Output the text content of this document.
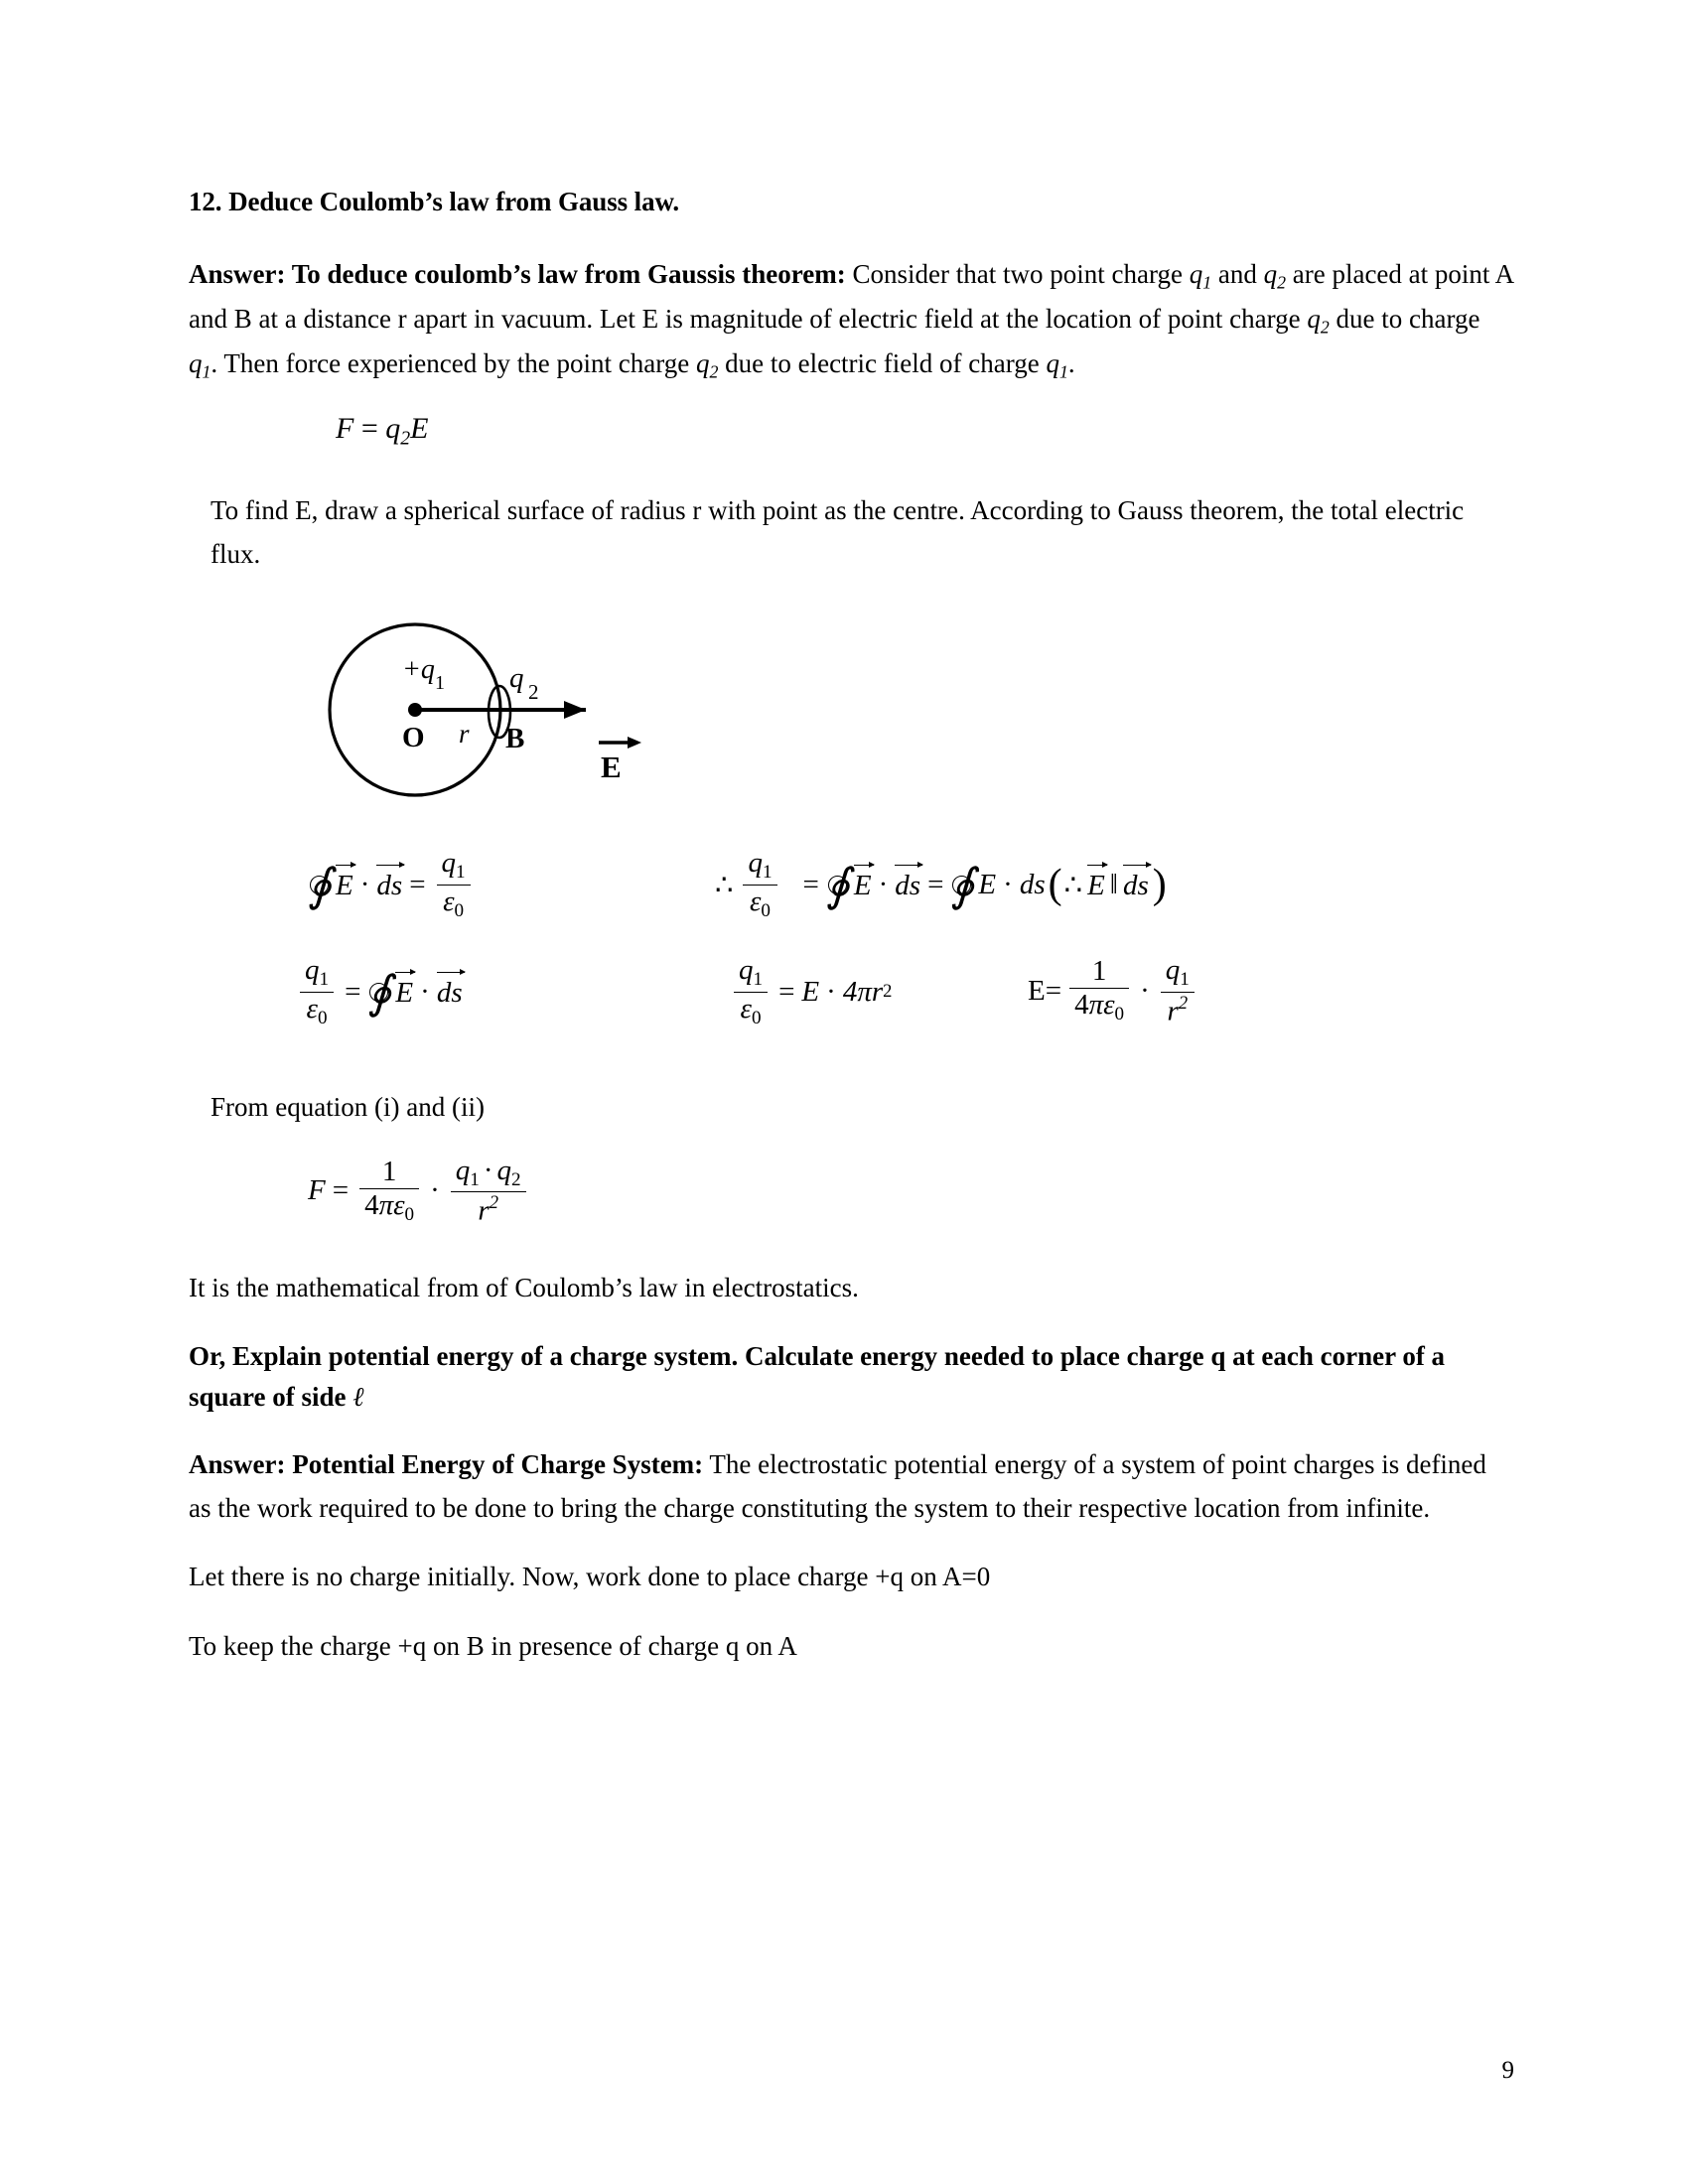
12. Deduce Coulomb’s law from Gauss law.
Answer: To deduce coulomb’s law from Gaussis theorem: Consider that two point charge $q_1$ and $q_2$ are placed at point A and B at a distance r apart in vacuum. Let E is magnitude of electric field at the location of point charge $q_2$ due to charge $q_1$. Then force experienced by the point charge $q_2$ due to electric field of charge $q_1$.
$F = q_2E$
To find E, draw a spherical surface of radius r with point as the centre. According to Gauss theorem, the total electric flux.
+q 1
O r
q 2
B
E
∮ E · ds = $\frac{q_1}{\varepsilon_0}$
$\frac{q_1}{\varepsilon_0}$ = ∮ E · ds
∴ $\frac{q_1}{\varepsilon_0}$ = ∮ E · ds = ∮ E · ds ( ∴ E ‖ ds )
$\frac{q_1}{\varepsilon_0} = E \cdot 4$ π r 2	$E= \frac{1}{4\pi\varepsilon_0} \cdot \frac{q_1}{r^2}$
From equation (i) and (ii)
$F = \frac{1}{4\pi\varepsilon_0} \cdot \frac{q_1 \cdot q_2}{r^2}$
It is the mathematical from of Coulomb’s law in electrostatics.
Or, Explain potential energy of a charge system. Calculate energy needed to place charge q at each corner of a square of side ℓ
Answer: Potential Energy of Charge System: The electrostatic potential energy of a system of point charges is defined as the work required to be done to bring the charge constituting the system to their respective location from infinite.
Let there is no charge initially. Now, work done to place charge +q on A=0
To keep the charge +q on B in presence of charge q on A
9
